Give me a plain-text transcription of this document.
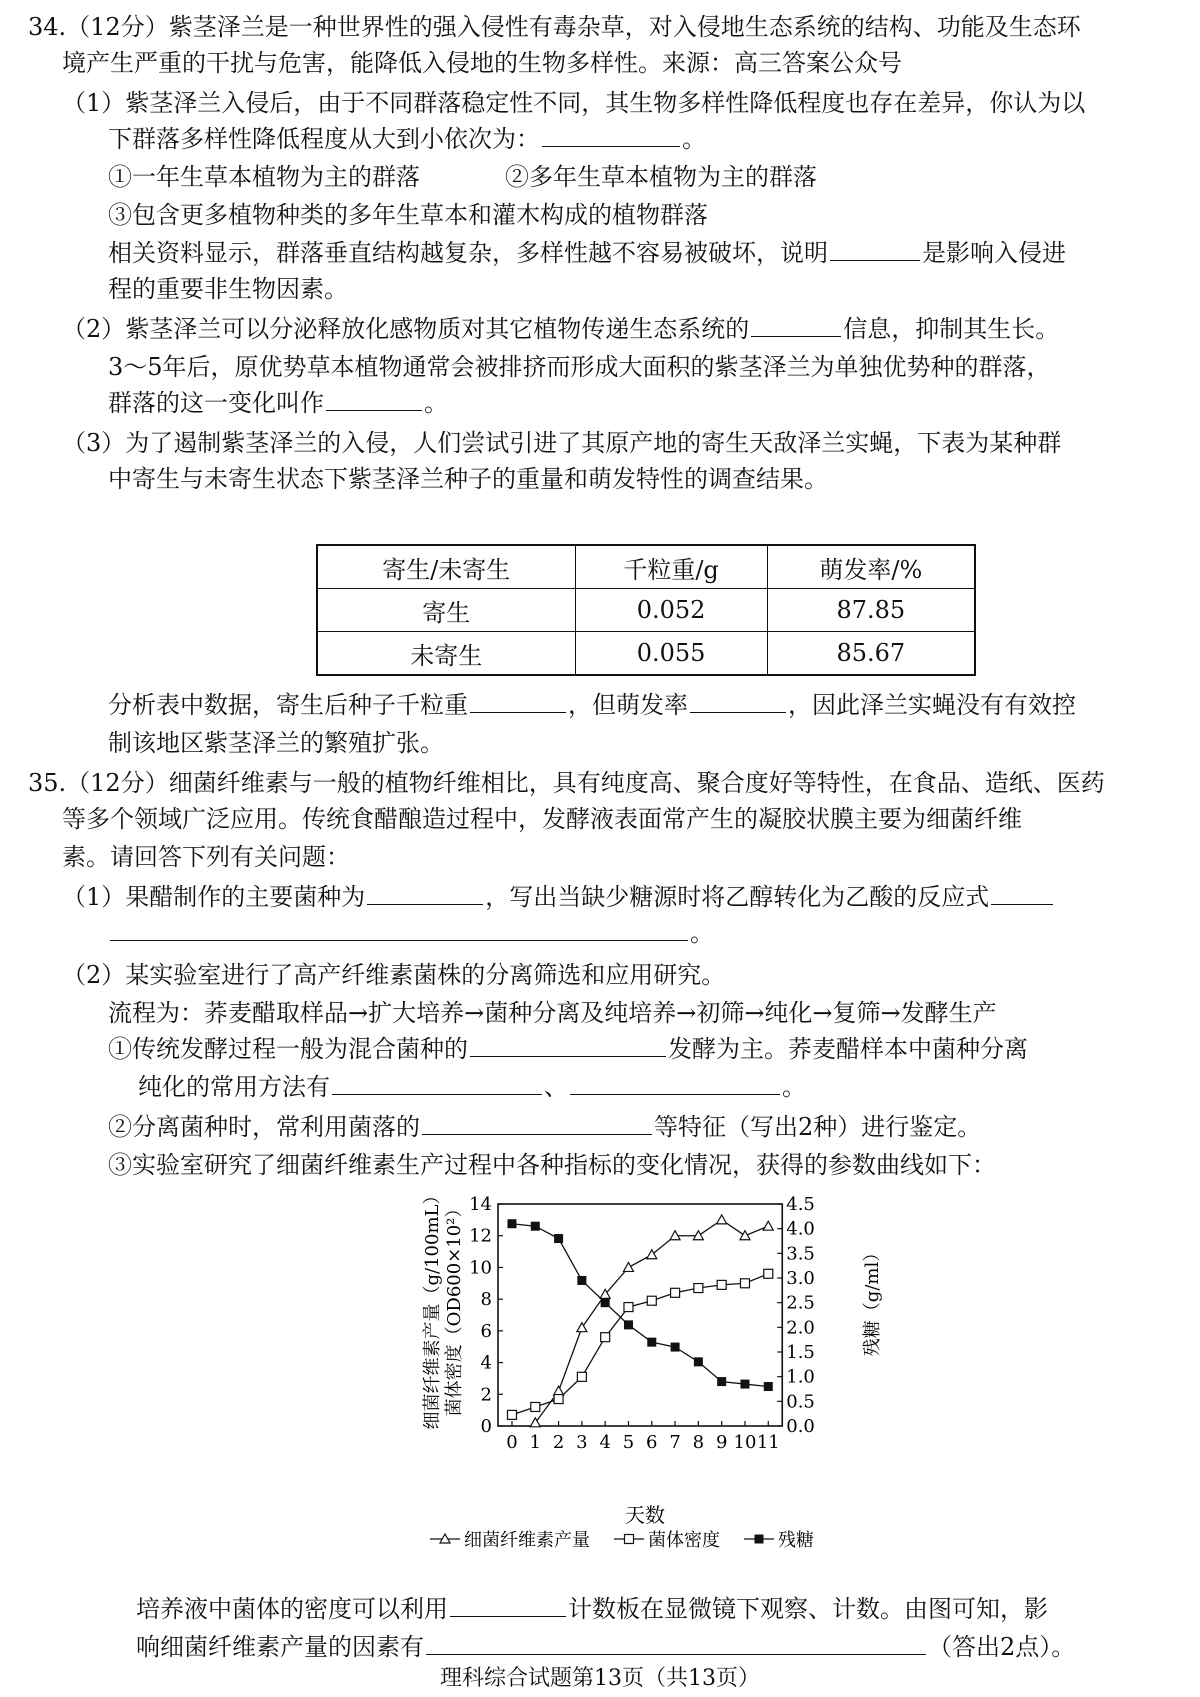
34.（12分）紫茎泽兰是一种世界性的强入侵性有毒杂草，对入侵地生态系统的结构、功能及生态环
境产生严重的干扰与危害，能降低入侵地的生物多样性。来源：高三答案公众号
（1）紫茎泽兰入侵后，由于不同群落稳定性不同，其生物多样性降低程度也存在差异，你认为以
下群落多样性降低程度从大到小依次为：	。
①一年生草本植物为主的群落	②多年生草本植物为主的群落
③包含更多植物种类的多年生草本和灌木构成的植物群落
相关资料显示，群落垂直结构越复杂，多样性越不容易被破坏，说明	是影响入侵进
程的重要非生物因素。
（2）紫茎泽兰可以分泌释放化感物质对其它植物传递生态系统的	信息，抑制其生长。
3～5年后，原优势草本植物通常会被排挤而形成大面积的紫茎泽兰为单独优势种的群落，
群落的这一变化叫作	。
（3）为了遏制紫茎泽兰的入侵，人们尝试引进了其原产地的寄生天敌泽兰实蝇，下表为某种群
中寄生与未寄生状态下紫茎泽兰种子的重量和萌发特性的调查结果。
寄生/未寄生	千粒重/g	萌发率/%
寄生	0.052	87.85
未寄生	0.055	85.67
分析表中数据，寄生后种子千粒重	，但萌发率	，因此泽兰实蝇没有有效控
制该地区紫茎泽兰的繁殖扩张。
35.（12分）细菌纤维素与一般的植物纤维相比，具有纯度高、聚合度好等特性，在食品、造纸、医药
等多个领域广泛应用。传统食醋酿造过程中，发酵液表面常产生的凝胶状膜主要为细菌纤维
素。请回答下列有关问题：
（1）果醋制作的主要菌种为	，写出当缺少糖源时将乙醇转化为乙酸的反应式
。
（2）某实验室进行了高产纤维素菌株的分离筛选和应用研究。
流程为：荞麦醋取样品→扩大培养→菌种分离及纯培养→初筛→纯化→复筛→发酵生产
①传统发酵过程一般为混合菌种的	发酵为主。荞麦醋样本中菌种分离
纯化的常用方法有	、	。
②分离菌种时，常利用菌落的	等特征（写出2种）进行鉴定。
③实验室研究了细菌纤维素生产过程中各种指标的变化情况，获得的参数曲线如下：
0
2
4
6
8
10
12
14
0.0
0.5
1.0
1.5
2.0
2.5
3.0
3.5
4.0
4.5
0 1 2 3 4 5 6 7 8 9 10 11
天数
细菌纤维素产量（g/100mL） 菌体密度（OD600×10²）	残糖（g/ml）
细菌纤维素产量	菌体密度	残糖
培养液中菌体的密度可以利用	计数板在显微镜下观察、计数。由图可知，影
响细菌纤维素产量的因素有	（答出2点）。
理科综合试题第13页（共13页）
